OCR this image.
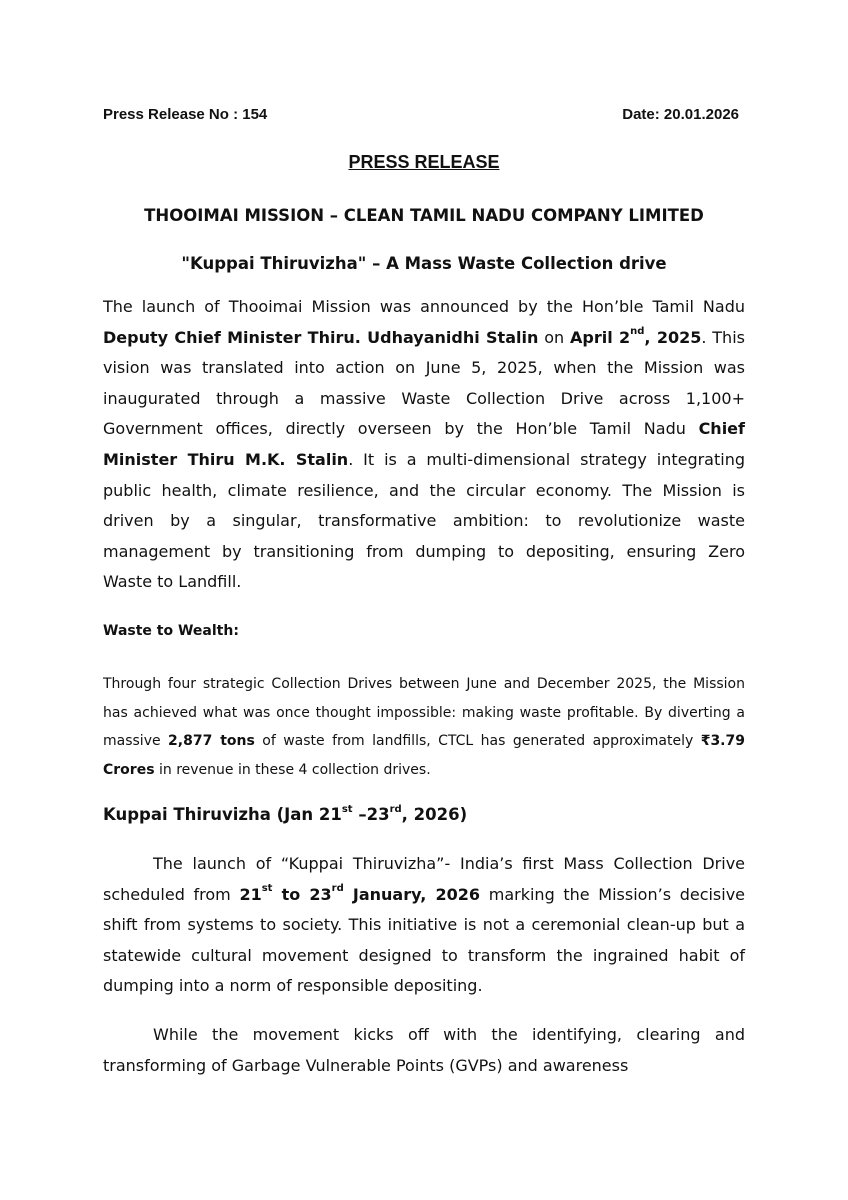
Press Release No : 154	Date: 20.01.2026
PRESS RELEASE
THOOIMAI MISSION – CLEAN TAMIL NADU COMPANY LIMITED
"Kuppai Thiruvizha" – A Mass Waste Collection drive

The launch of Thooimai Mission was announced by the Hon’ble Tamil Nadu Deputy Chief Minister Thiru. Udhayanidhi Stalin on April 2nd, 2025. This vision was translated into action on June 5, 2025, when the Mission was inaugurated through a massive Waste Collection Drive across 1,100+ Government offices, directly overseen by the Hon’ble Tamil Nadu Chief Minister Thiru M.K. Stalin. It is a multi-dimensional strategy integrating public health, climate resilience, and the circular economy. The Mission is driven by a singular, transformative ambition: to revolutionize waste management by transitioning from dumping to depositing, ensuring Zero Waste to Landfill.

Waste to Wealth:

Through four strategic Collection Drives between June and December 2025, the Mission has achieved what was once thought impossible: making waste profitable. By diverting a massive 2,877 tons of waste from landfills, CTCL has generated approximately ₹3.79 Crores in revenue in these 4 collection drives.

Kuppai Thiruvizha (Jan 21st –23rd, 2026)

The launch of “Kuppai Thiruvizha”- India’s first Mass Collection Drive scheduled from 21st to 23rd January, 2026 marking the Mission’s decisive shift from systems to society. This initiative is not a ceremonial clean-up but a statewide cultural movement designed to transform the ingrained habit of dumping into a norm of responsible depositing.

While the movement kicks off with the identifying, clearing and transforming of Garbage Vulnerable Points (GVPs) and awareness
